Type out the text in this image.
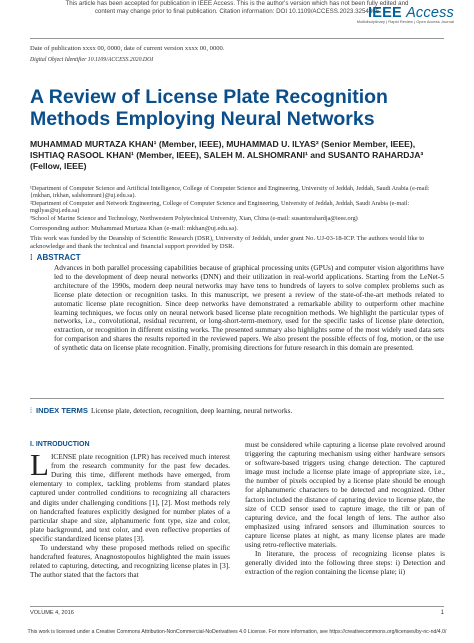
This article has been accepted for publication in IEEE Access. This is the author's version which has not been fully edited and
content may change prior to final publication. Citation information: DOI 10.1109/ACCESS.2023.3254365
IEEE Access
Multidisciplinary | Rapid Review | Open Access Journal
Date of publication xxxx 00, 0000, date of current version xxxx 00, 0000.
Digital Object Identifier 10.1109/ACCESS.2020.DOI
A Review of License Plate Recognition Methods Employing Neural Networks
MUHAMMAD MURTAZA KHAN¹ (Member, IEEE), MUHAMMAD U. ILYAS² (Senior Member, IEEE), ISHTIAQ RASOOL KHAN¹ (Member, IEEE), SALEH M. ALSHOMRANI¹ and SUSANTO RAHARDJA³ (Fellow, IEEE)
¹Department of Computer Science and Artificial Intelligence, College of Computer Science and Engineering, University of Jeddah, Jeddah, Saudi Arabia (e-mail: {mkhan, irkhan, salshomrani}@uj.edu.sa).
²Department of Computer and Network Engineering, College of Computer Science and Engineering, University of Jeddah, Jeddah, Saudi Arabia (e-mail: mgilyas@uj.edu.sa)
³School of Marine Science and Technology, Northwestern Polytechnical University, Xian, China (e-mail: susantorahardja@ieee.org)
Corresponding author: Muhammad Murtaza Khan (e-mail: mkhan@uj.edu.sa).
This work was funded by the Deanship of Scientific Research (DSR), University of Jeddah, under grant No. UJ-03-18-ICP. The authors would like to acknowledge and thank the technical and financial support provided by DSR.
⁞ ABSTRACT
Advances in both parallel processing capabilities because of graphical processing units (GPUs) and computer vision algorithms have led to the development of deep neural networks (DNN) and their utilization in real-world applications. Starting from the LeNet-5 architecture of the 1990s, modern deep neural networks may have tens to hundreds of layers to solve complex problems such as license plate detection or recognition tasks. In this manuscript, we present a review of the state-of-the-art methods related to automatic license plate recognition. Since deep networks have demonstrated a remarkable ability to outperform other machine learning techniques, we focus only on neural network based license plate recognition methods. We highlight the particular types of networks, i.e., convolutional, residual recurrent, or long-short-term-memory, used for the specific tasks of license plate detection, extraction, or recognition in different existing works. The presented summary also highlights some of the most widely used data sets for comparison and shares the results reported in the reviewed papers. We also present the possible effects of fog, motion, or the use of synthetic data on license plate recognition. Finally, promising directions for future research in this domain are presented.
⁞ INDEX TERMS License plate, detection, recognition, deep learning, neural networks.
I. INTRODUCTION

LICENSE plate recognition (LPR) has received much interest from the research community for the past few decades. During this time, different methods have emerged, from elementary to complex, tackling problems from standard plates captured under controlled conditions to recognizing all characters and digits under challenging conditions [1], [2]. Most methods rely on handcrafted features explicitly designed for number plates of a particular shape and size, alphanumeric font type, size and color, plate background, and text color, and even reflective properties of specific standardized license plates [3].

To understand why these proposed methods relied on specific handcrafted features, Anagnostopoulos highlighted the main issues related to capturing, detecting, and recognizing license plates in [3]. The author stated that the factors that

must be considered while capturing a license plate revolved around triggering the capturing mechanism using either hardware sensors or software-based triggers using change detection. The captured image must include a license plate image of appropriate size, i.e., the number of pixels occupied by a license plate should be enough for alphanumeric characters to be detected and recognized. Other factors included the distance of capturing device to license plate, the size of CCD sensor used to capture image, the tilt or pan of capturing device, and the focal length of lens. The author also emphasized using infrared sensors and illumination sources to capture license plates at night, as many license plates are made using retro-reflective materials.

In literature, the process of recognizing license plates is generally divided into the following three steps: i) Detection and extraction of the region containing the license plate; ii)

VOLUME 4, 2016	1
This work is licensed under a Creative Commons Attribution-NonCommercial-NoDerivatives 4.0 License. For more information, see https://creativecommons.org/licenses/by-nc-nd/4.0/
